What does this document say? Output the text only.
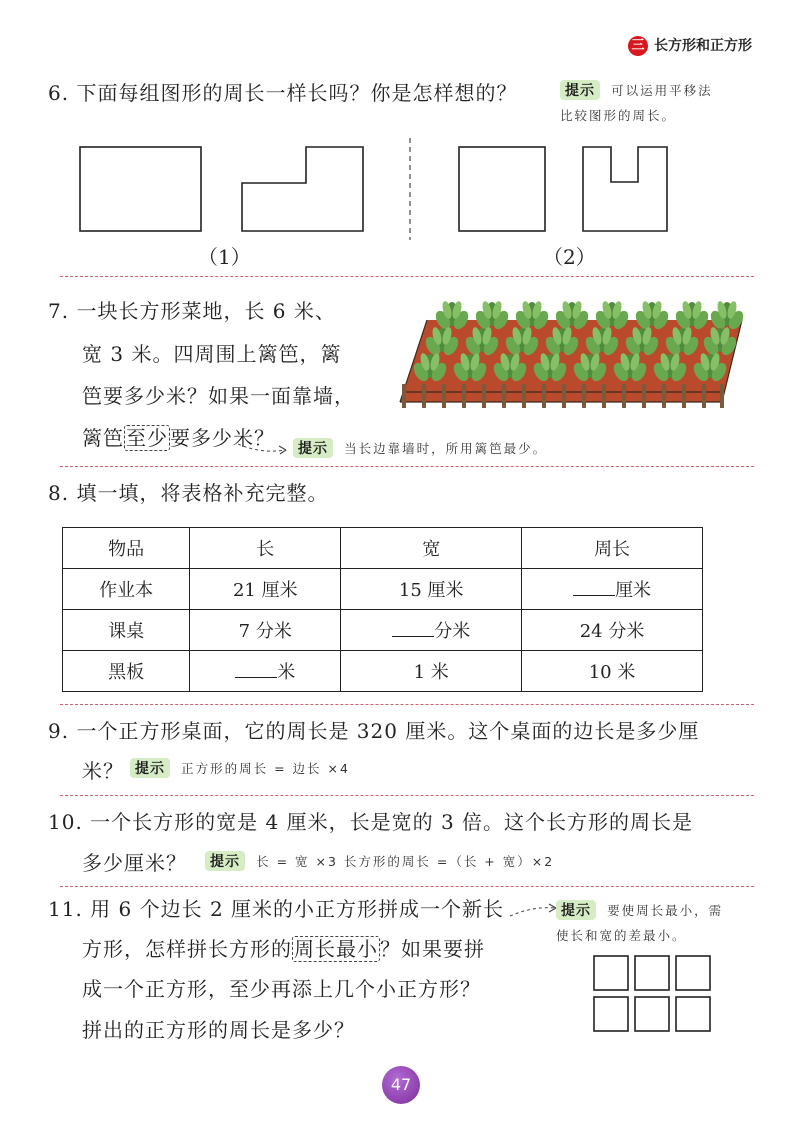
三 长方形和正方形
6. 下面每组图形的周长一样长吗？你是怎样想的？	提示 可以运用平移法
比较图形的周长。
（1）	（2）
7. 一块长方形菜地，长 6 米、
宽 3 米。四周围上篱笆，篱
笆要多少米？如果一面靠墙，
篱笆 至少 要多少米？	提示 当长边靠墙时，所用篱笆最少。
8. 填一填，将表格补充完整。
物品	长	宽	周长
作业本	21 厘米	15 厘米	厘米
课桌	7 分米	分米	24 分米
黑板	米	1 米	10 米
9. 一个正方形桌面，它的周长是 320 厘米。这个桌面的边长是多少厘
米？ 提示 正方形的周长 = 边长 ×4
10. 一个长方形的宽是 4 厘米，长是宽的 3 倍。这个长方形的周长是
多少厘米？	提示 长 = 宽 ×3 长方形的周长 =（长 + 宽）×2
11. 用 6 个边长 2 厘米的小正方形拼成一个新长
方形，怎样拼长方形的 周长最小 ？如果要拼
成一个正方形，至少再添上几个小正方形？
拼出的正方形的周长是多少？
提示 要使周长最小，需
使长和宽的差最小。
47
